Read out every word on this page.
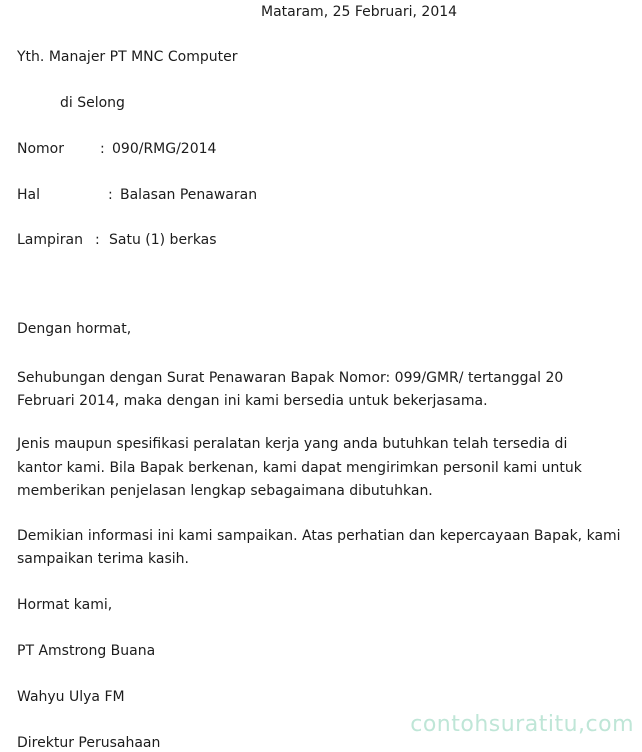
Mataram, 25 Februari, 2014
Yth. Manajer PT MNC Computer
di Selong
Nomor	: 090/RMG/2014
Hal	: Balasan Penawaran
Lampiran : Satu (1) berkas
Dengan hormat,
Sehubungan dengan Surat Penawaran Bapak Nomor: 099/GMR/ tertanggal 20
Februari 2014, maka dengan ini kami bersedia untuk bekerjasama.
Jenis maupun spesifikasi peralatan kerja yang anda butuhkan telah tersedia di
kantor kami. Bila Bapak berkenan, kami dapat mengirimkan personil kami untuk
memberikan penjelasan lengkap sebagaimana dibutuhkan.
Demikian informasi ini kami sampaikan. Atas perhatian dan kepercayaan Bapak, kami
sampaikan terima kasih.
Hormat kami,
PT Amstrong Buana
Wahyu Ulya FM
Direktur Perusahaan
contohsuratitu,com
